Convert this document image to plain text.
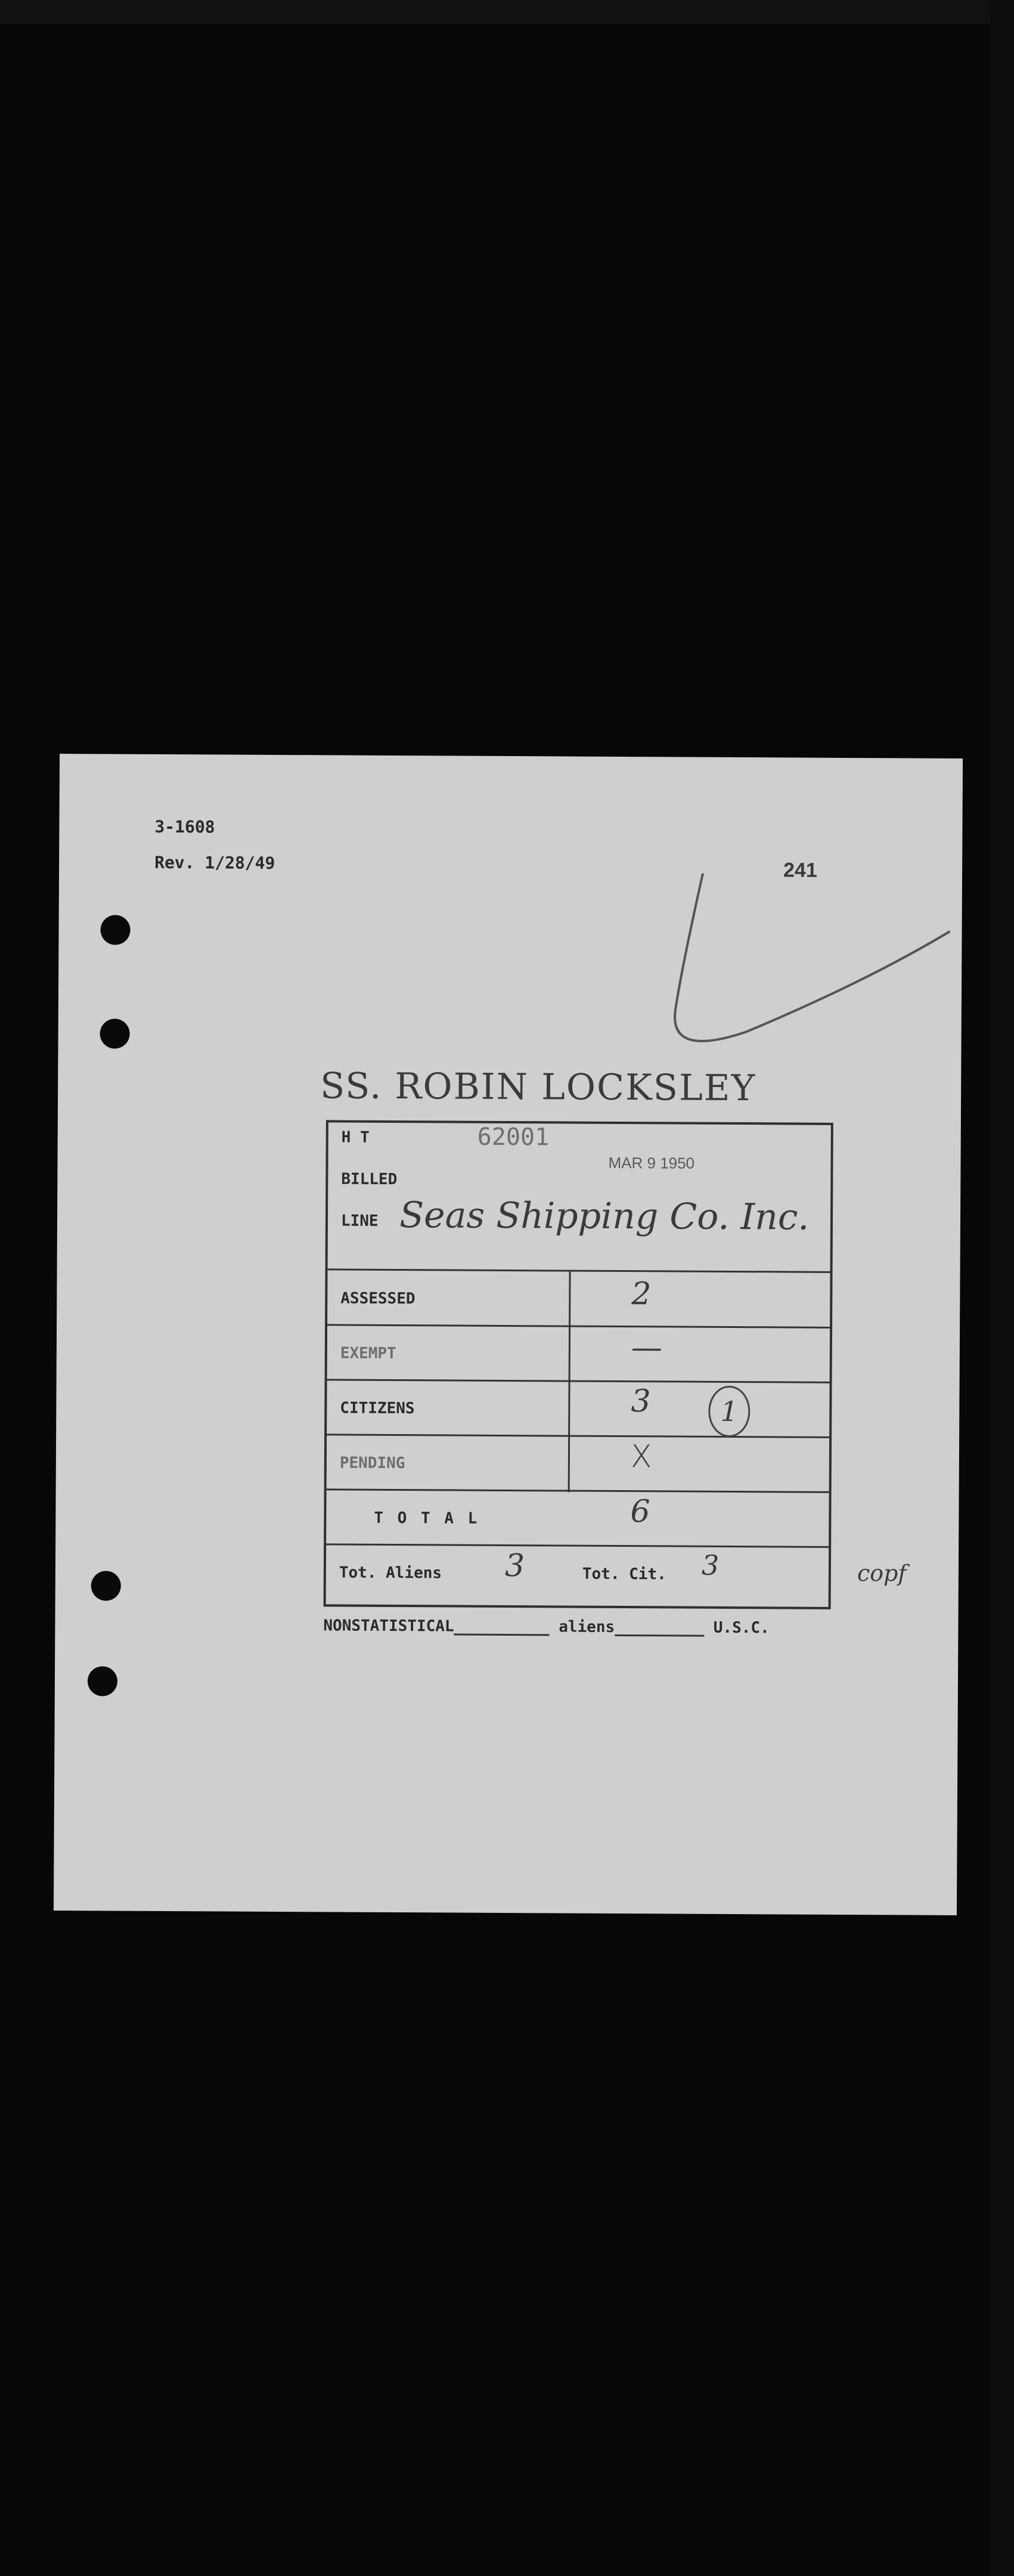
3-1608
Rev. 1/28/49	241
SS. ROBIN LOCKSLEY
H T	62001
BILLED
MAR 9 1950
LINE Seas Shipping Co. Inc.
ASSESSED	2
EXEMPT	—
CITIZENS	3	1
PENDING	X
T O T A L	6
Tot. Aliens 3	Tot. Cit. 3	copf
NONSTATISTICAL	aliens	U.S.C.
